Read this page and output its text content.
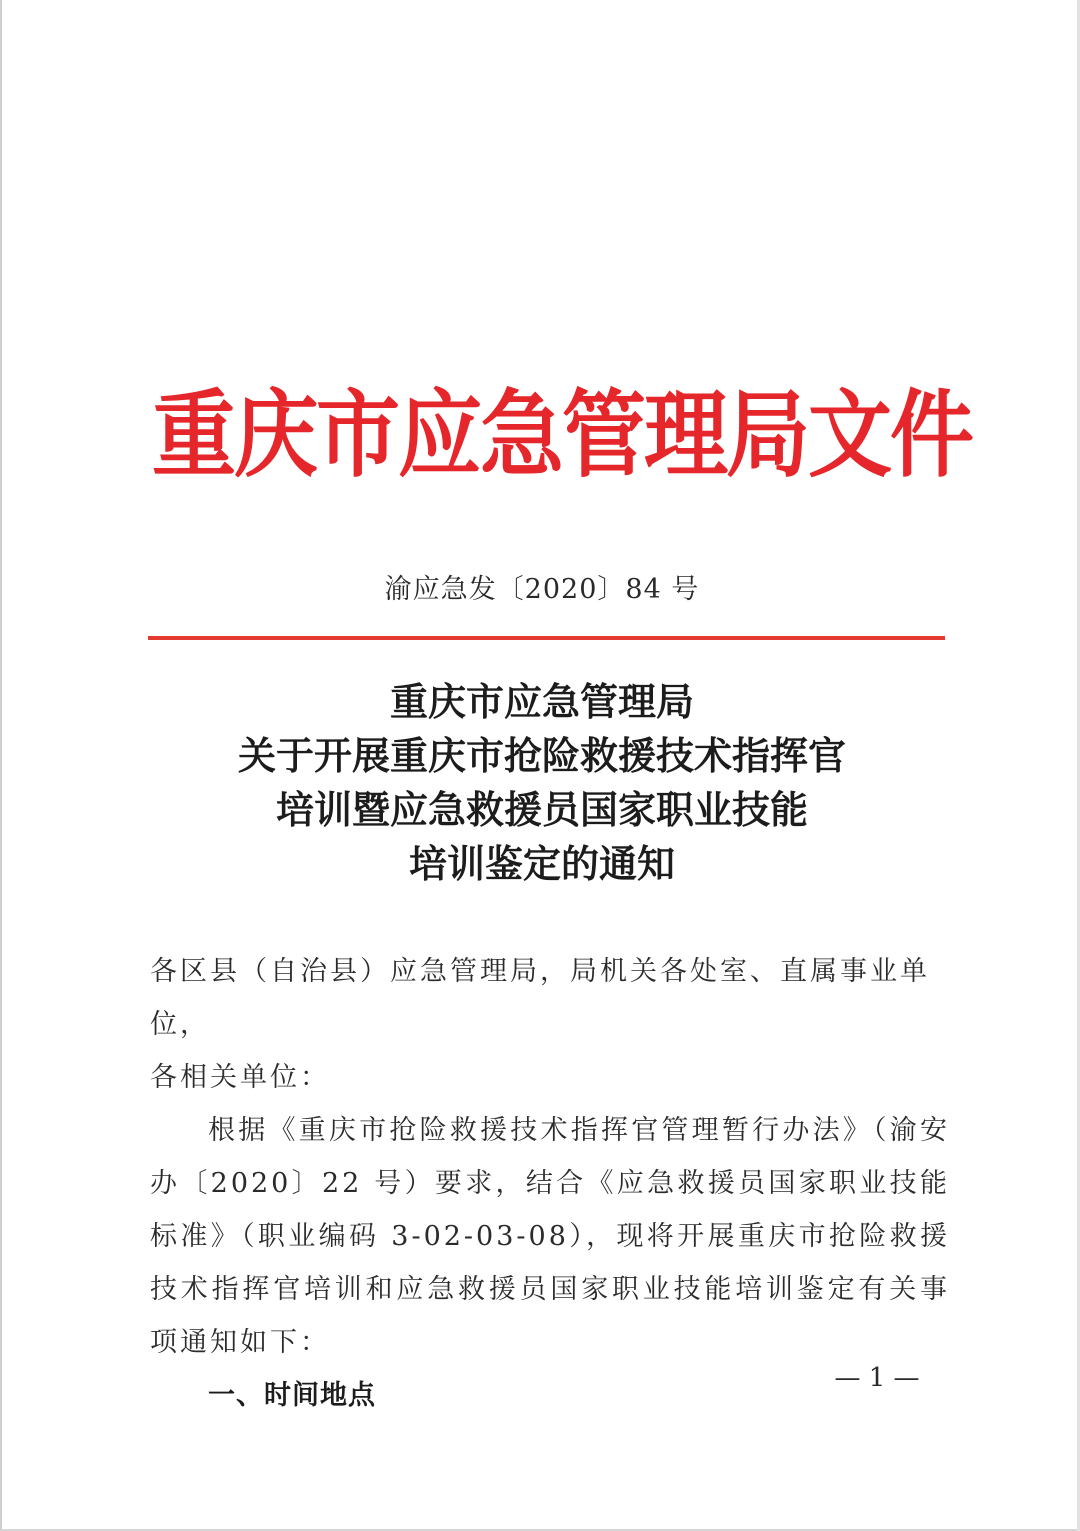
重庆市应急管理局文件
渝应急发〔2020〕84 号
重庆市应急管理局
关于开展重庆市抢险救援技术指挥官
培训暨应急救援员国家职业技能
培训鉴定的通知

各区县（自治县）应急管理局，局机关各处室、直属事业单位，

各相关单位：

根据《重庆市抢险救援技术指挥官管理暂行办法》（渝安办〔2020〕22 号）要求，结合《应急救援员国家职业技能标准》（职业编码 3-02-03-08），现将开展重庆市抢险救援技术指挥官培训和应急救援员国家职业技能培训鉴定有关事项通知如下：

一、时间地点

— 1 —
